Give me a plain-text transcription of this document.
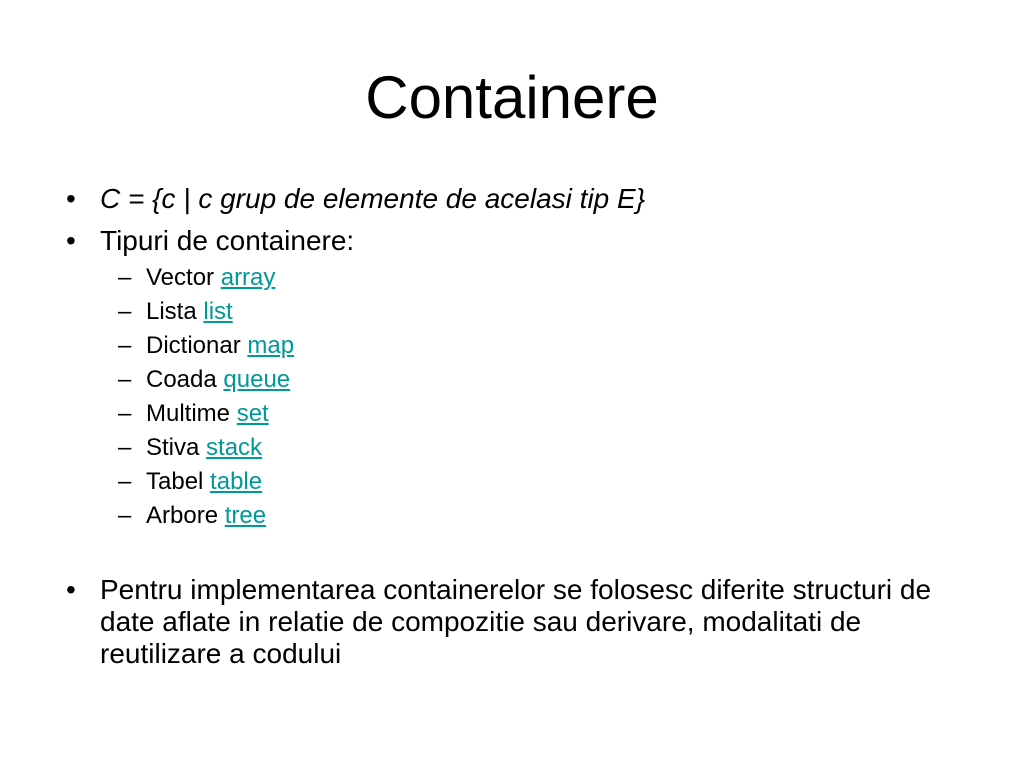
Containere
• C = {c | c grup de elemente de acelasi tip E}
• Tipuri de containere:
– Vector array
– Lista list
– Dictionar map
– Coada queue
– Multime set
– Stiva stack
– Tabel table
– Arbore tree
• Pentru implementarea containerelor se folosesc diferite structuri de date aflate in relatie de compozitie sau derivare, modalitati de reutilizare a codului
